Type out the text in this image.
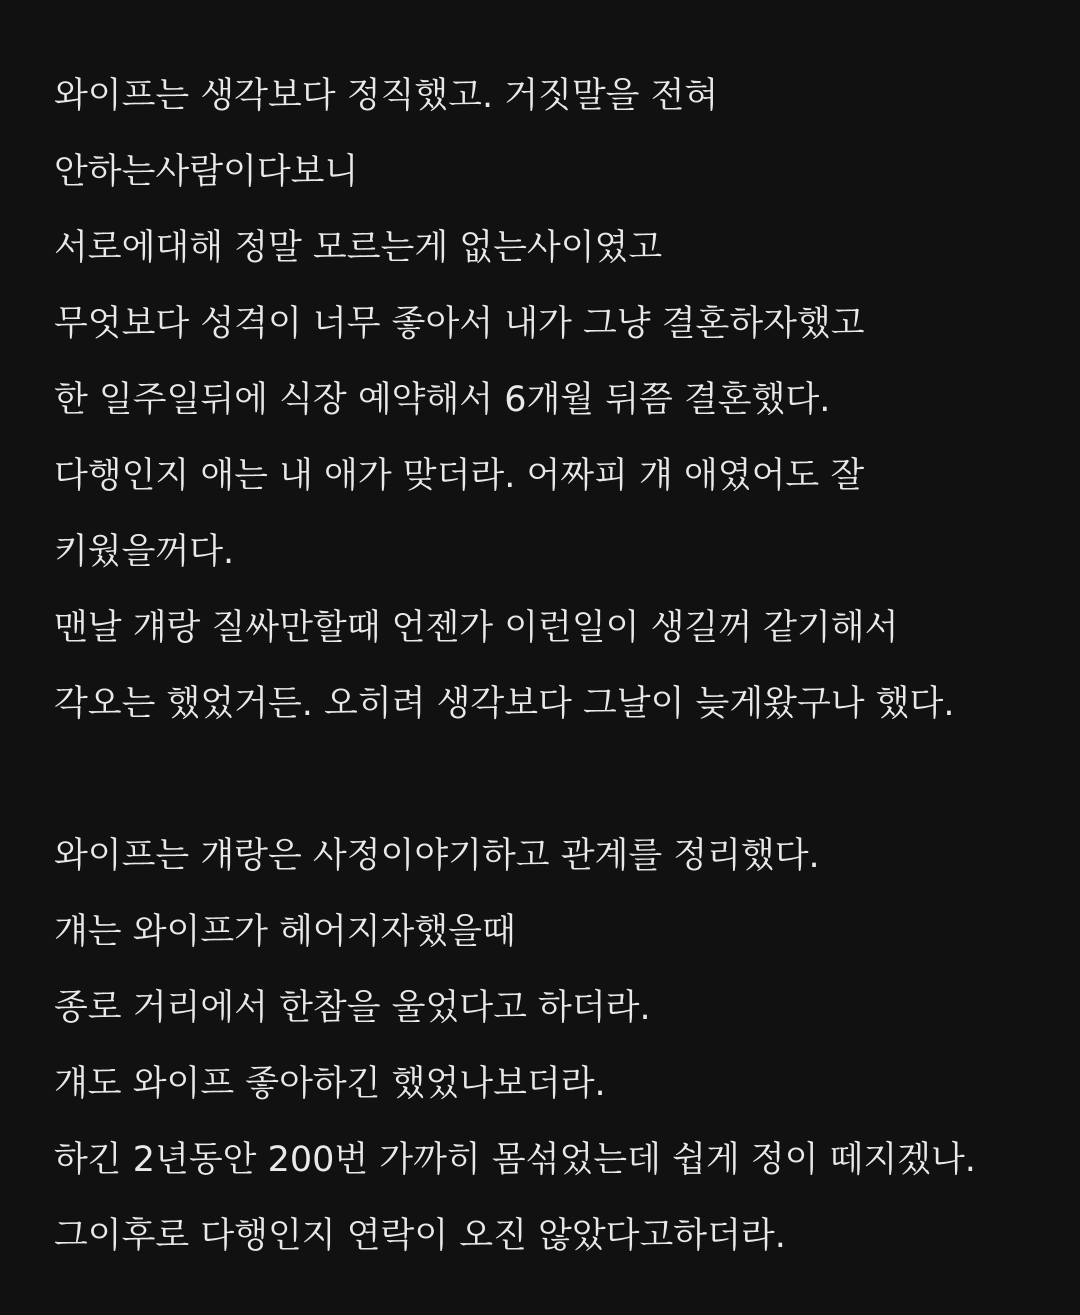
와이프는 생각보다 정직했고. 거짓말을 전혀

안하는사람이다보니

서로에대해 정말 모르는게 없는사이였고

무엇보다 성격이 너무 좋아서 내가 그냥 결혼하자했고

한 일주일뒤에 식장 예약해서 6개월 뒤쯤 결혼했다.

다행인지 애는 내 애가 맞더라. 어짜피 걔 애였어도 잘

키웠을꺼다.

맨날 걔랑 질싸만할때 언젠가 이런일이 생길꺼 같기해서

각오는 했었거든. 오히려 생각보다 그날이 늦게왔구나 했다.

와이프는 걔랑은 사정이야기하고 관계를 정리했다.

걔는 와이프가 헤어지자했을때

종로 거리에서 한참을 울었다고 하더라.

걔도 와이프 좋아하긴 했었나보더라.

하긴 2년동안 200번 가까히 몸섞었는데 쉽게 정이 떼지겠나.

그이후로 다행인지 연락이 오진 않았다고하더라.
